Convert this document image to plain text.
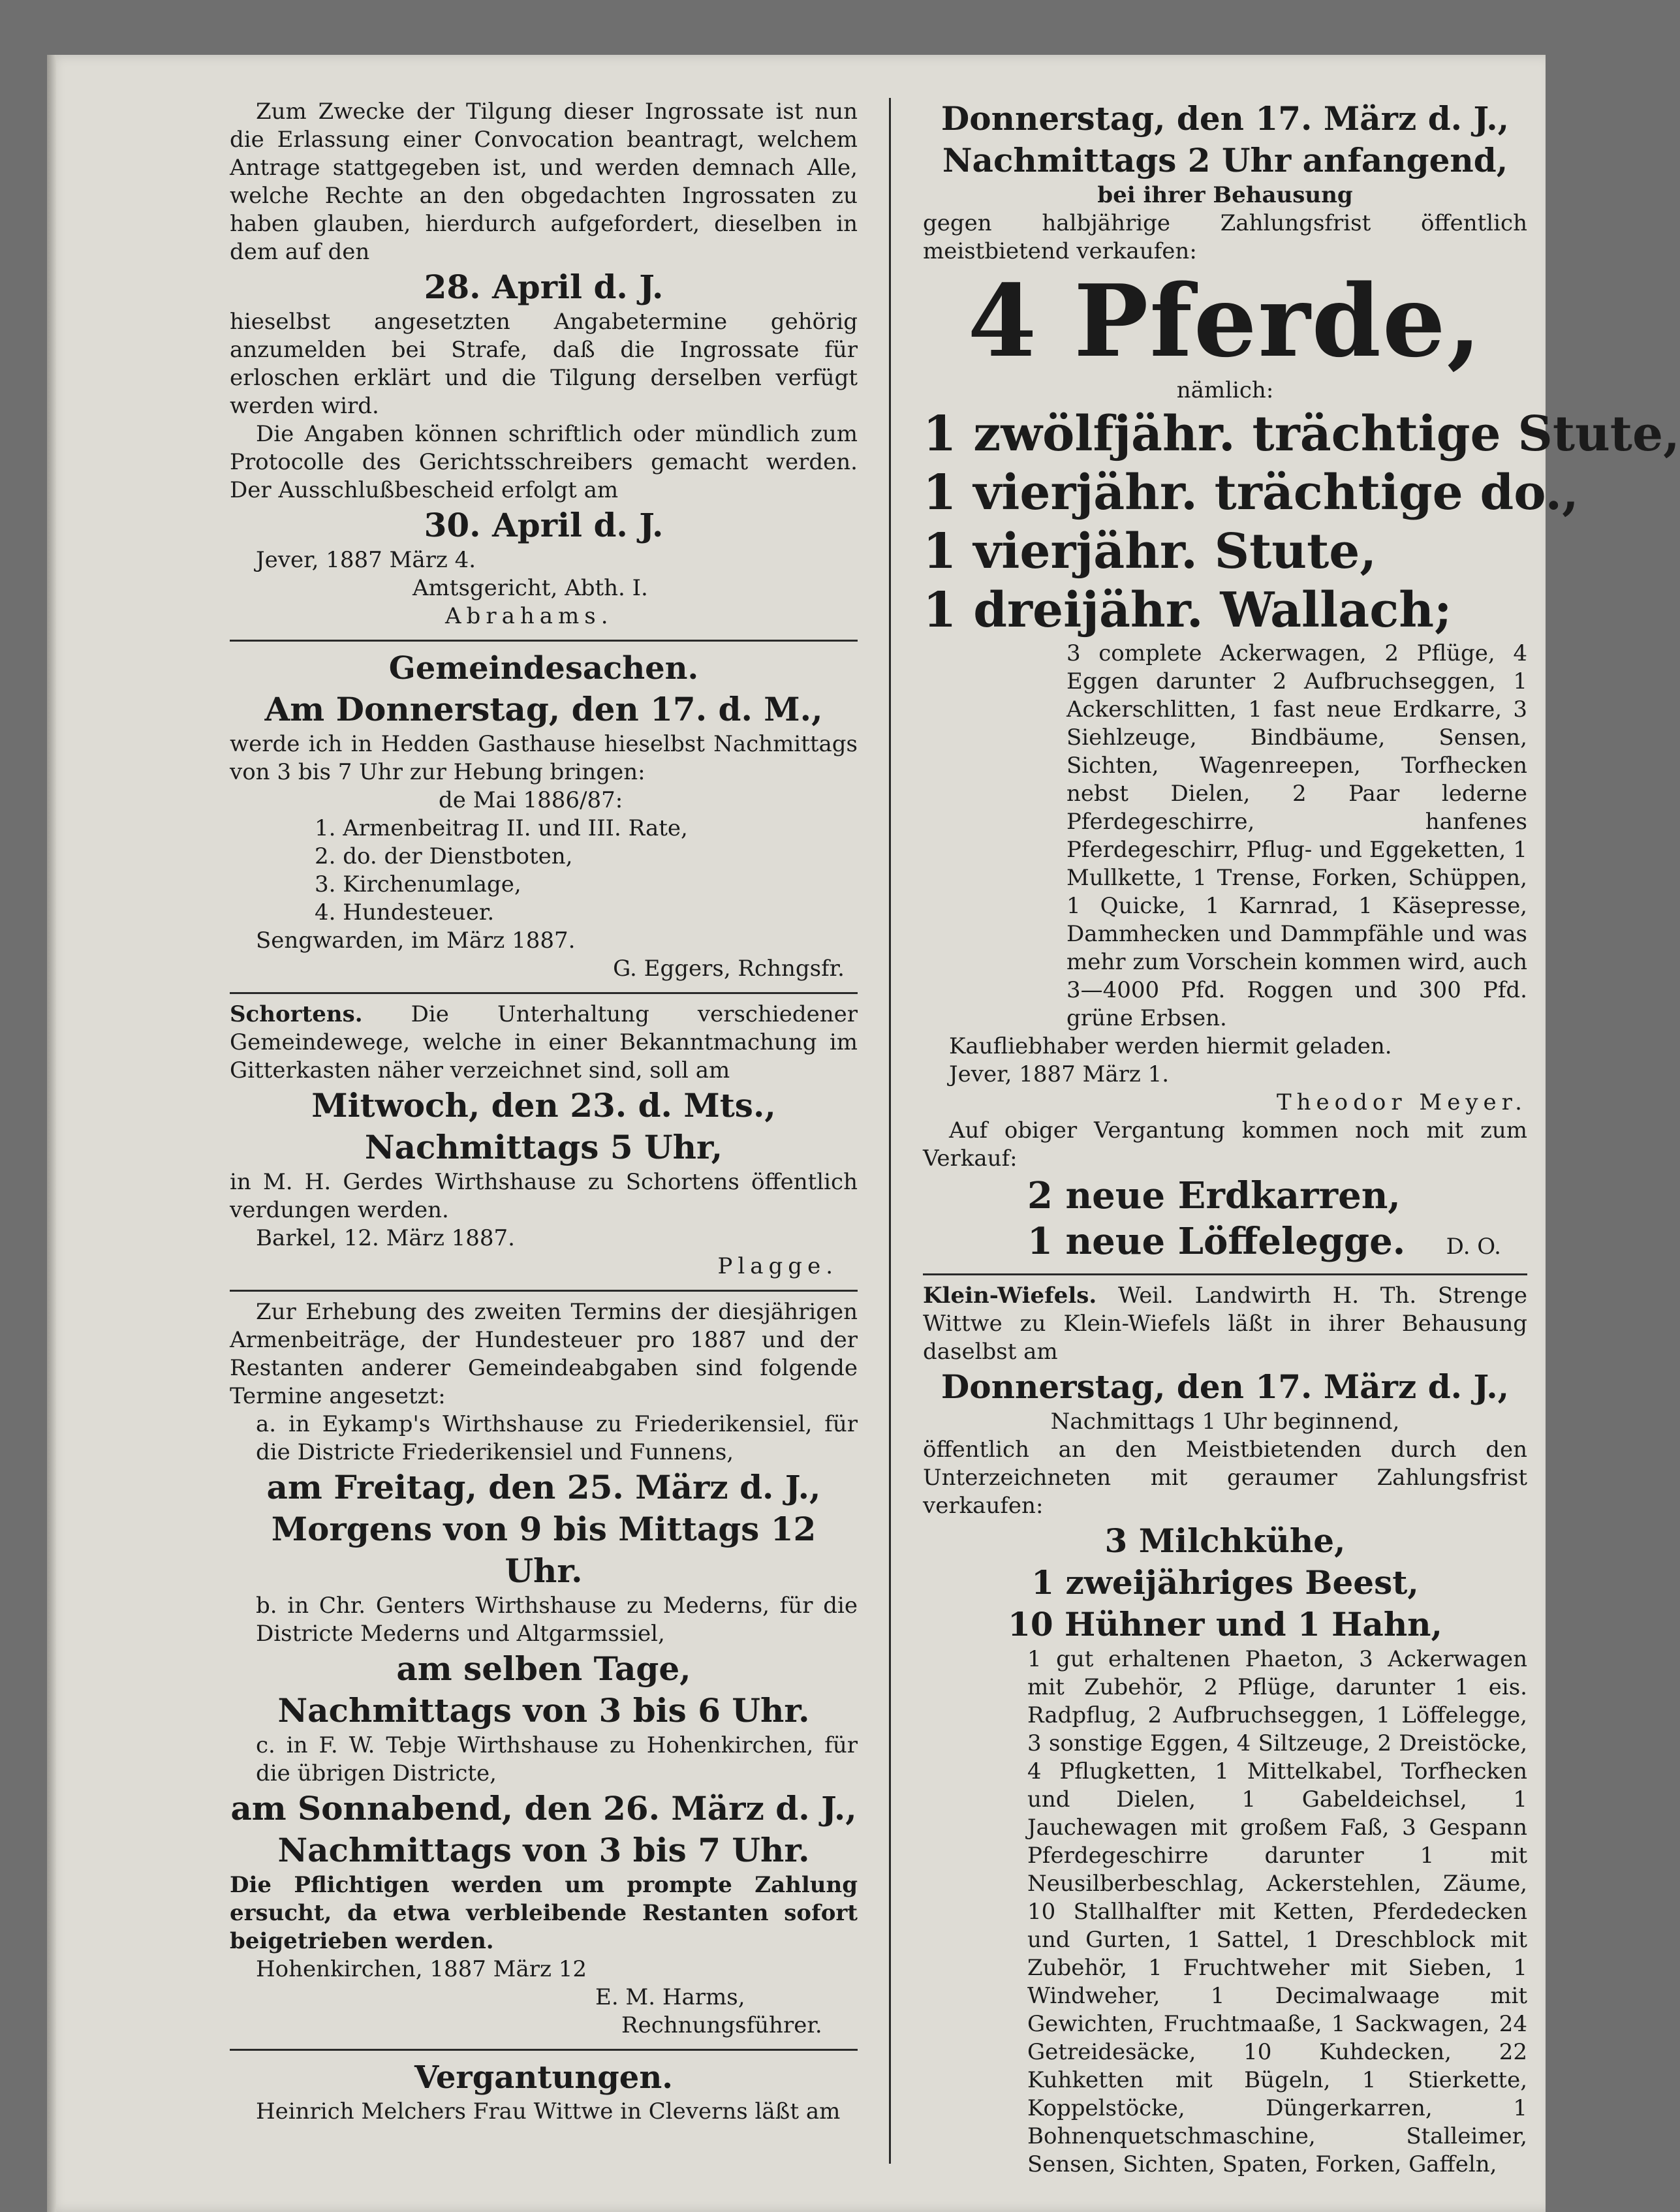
Zum Zwecke der Tilgung dieser Ingrossate ist nun die Erlassung einer Convocation beantragt, welchem Antrage stattgegeben ist, und werden demnach Alle, welche Rechte an den obgedachten Ingrossaten zu haben glauben, hierdurch aufgefordert, dieselben in dem auf den

28. April d. J.

hieselbst angesetzten Angabetermine gehörig anzumelden bei Strafe, daß die Ingrossate für erloschen erklärt und die Tilgung derselben verfügt werden wird.

Die Angaben können schriftlich oder mündlich zum Protocolle des Gerichtsschreibers gemacht werden. Der Ausschlußbescheid erfolgt am

30. April d. J.

Jever, 1887 März 4.

Amtsgericht, Abth. I.

Abrahams.

Gemeindesachen.

Am Donnerstag, den 17. d. M.,

werde ich in Hedden Gasthause hieselbst Nachmittags von 3 bis 7 Uhr zur Hebung bringen:

de Mai 1886/87:

1. Armenbeitrag II. und III. Rate,

2. do. der Dienstboten,

3. Kirchenumlage,

4. Hundesteuer.

Sengwarden, im März 1887.

G. Eggers, Rchngsfr.

Schortens. Die Unterhaltung verschiedener Gemeindewege, welche in einer Bekanntmachung im Gitterkasten näher verzeichnet sind, soll am

Mitwoch, den 23. d. Mts.,

Nachmittags 5 Uhr,

in M. H. Gerdes Wirthshause zu Schortens öffentlich verdungen werden.

Barkel, 12. März 1887.

Plagge.

Zur Erhebung des zweiten Termins der diesjährigen Armenbeiträge, der Hundesteuer pro 1887 und der Restanten anderer Gemeindeabgaben sind folgende Termine angesetzt:

a. in Eykamp's Wirthshause zu Friederikensiel, für die Districte Friederikensiel und Funnens,

am Freitag, den 25. März d. J.,

Morgens von 9 bis Mittags 12 Uhr.

b. in Chr. Genters Wirthshause zu Mederns, für die Districte Mederns und Altgarmssiel,

am selben Tage,

Nachmittags von 3 bis 6 Uhr.

c. in F. W. Tebje Wirthshause zu Hohenkirchen, für die übrigen Districte,

am Sonnabend, den 26. März d. J.,

Nachmittags von 3 bis 7 Uhr.

Die Pflichtigen werden um prompte Zahlung ersucht, da etwa verbleibende Restanten sofort beigetrieben werden.

Hohenkirchen, 1887 März 12

E. M. Harms,

Rechnungsführer.

Vergantungen.

Heinrich Melchers Frau Wittwe in Cleverns läßt am

Donnerstag, den 17. März d. J.,

Nachmittags 2 Uhr anfangend,

bei ihrer Behausung

gegen halbjährige Zahlungsfrist öffentlich meistbietend verkaufen:

4 Pferde,

nämlich:

1 zwölfjähr. trächtige Stute,

1 vierjähr. trächtige do.,

1 vierjähr. Stute,

1 dreijähr. Wallach;

3 complete Ackerwagen, 2 Pflüge, 4 Eggen darunter 2 Aufbruchseggen, 1 Ackerschlitten, 1 fast neue Erdkarre, 3 Siehlzeuge, Bindbäume, Sensen, Sichten, Wagenreepen, Torfhecken nebst Dielen, 2 Paar lederne Pferdegeschirre, hanfenes Pferdegeschirr, Pflug- und Eggeketten, 1 Mullkette, 1 Trense, Forken, Schüppen, 1 Quicke, 1 Karnrad, 1 Käsepresse, Dammhecken und Dammpfähle und was mehr zum Vorschein kommen wird, auch 3—4000 Pfd. Roggen und 300 Pfd. grüne Erbsen.

Kaufliebhaber werden hiermit geladen.

Jever, 1887 März 1.

Theodor Meyer.

Auf obiger Vergantung kommen noch mit zum Verkauf:

2 neue Erdkarren,

1 neue Löffelegge. D. O.

Klein-Wiefels. Weil. Landwirth H. Th. Strenge Wittwe zu Klein-Wiefels läßt in ihrer Behausung daselbst am

Donnerstag, den 17. März d. J.,

Nachmittags 1 Uhr beginnend,

öffentlich an den Meistbietenden durch den Unterzeichneten mit geraumer Zahlungsfrist verkaufen:

3 Milchkühe,

1 zweijähriges Beest,

10 Hühner und 1 Hahn,

1 gut erhaltenen Phaeton, 3 Ackerwagen mit Zubehör, 2 Pflüge, darunter 1 eis. Radpflug, 2 Aufbruchseggen, 1 Löffelegge, 3 sonstige Eggen, 4 Siltzeuge, 2 Dreistöcke, 4 Pflugketten, 1 Mittelkabel, Torfhecken und Dielen, 1 Gabeldeichsel, 1 Jauchewagen mit großem Faß, 3 Gespann Pferdegeschirre darunter 1 mit Neusilberbeschlag, Ackerstehlen, Zäume, 10 Stallhalfter mit Ketten, Pferdedecken und Gurten, 1 Sattel, 1 Dreschblock mit Zubehör, 1 Fruchtweher mit Sieben, 1 Windweher, 1 Decimalwaage mit Gewichten, Fruchtmaaße, 1 Sackwagen, 24 Getreidesäcke, 10 Kuhdecken, 22 Kuhketten mit Bügeln, 1 Stierkette, Koppelstöcke, Düngerkarren, 1 Bohnenquetschmaschine, Stalleimer, Sensen, Sichten, Spaten, Forken, Gaffeln,
